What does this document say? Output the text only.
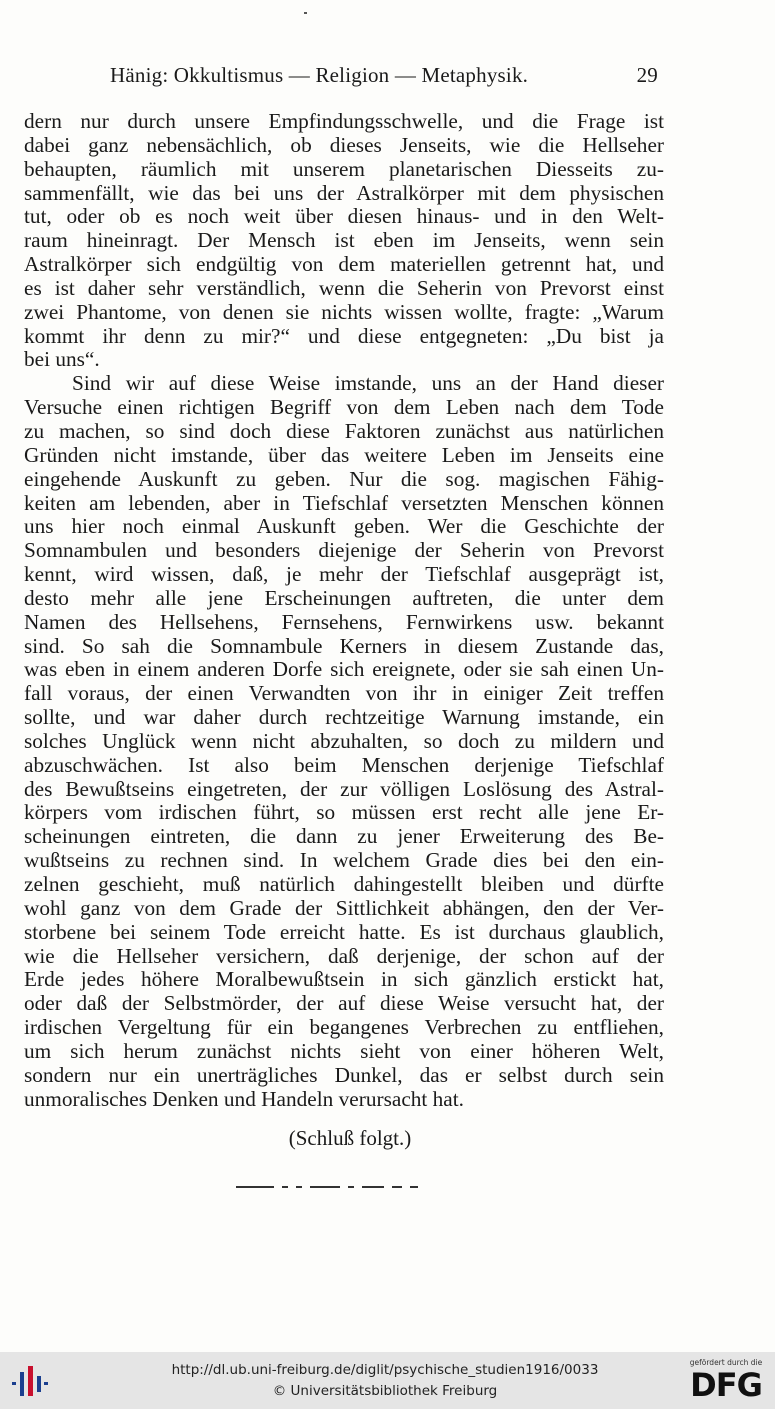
Hänig: Okkultismus — Religion — Metaphysik.	29
dern nur durch unsere Empfindungsschwelle, und die Frage ist
dabei ganz nebensächlich, ob dieses Jenseits, wie die Hellseher
behaupten, räumlich mit unserem planetarischen Diesseits zu-
sammenfällt, wie das bei uns der Astralkörper mit dem physischen
tut, oder ob es noch weit über diesen hinaus- und in den Welt-
raum hineinragt. Der Mensch ist eben im Jenseits, wenn sein
Astralkörper sich endgültig von dem materiellen getrennt hat, und
es ist daher sehr verständlich, wenn die Seherin von Prevorst einst
zwei Phantome, von denen sie nichts wissen wollte, fragte: „Warum
kommt ihr denn zu mir?“ und diese entgegneten: „Du bist ja
bei uns“.
Sind wir auf diese Weise imstande, uns an der Hand dieser
Versuche einen richtigen Begriff von dem Leben nach dem Tode
zu machen, so sind doch diese Faktoren zunächst aus natürlichen
Gründen nicht imstande, über das weitere Leben im Jenseits eine
eingehende Auskunft zu geben. Nur die sog. magischen Fähig-
keiten am lebenden, aber in Tiefschlaf versetzten Menschen können
uns hier noch einmal Auskunft geben. Wer die Geschichte der
Somnambulen und besonders diejenige der Seherin von Prevorst
kennt, wird wissen, daß, je mehr der Tiefschlaf ausgeprägt ist,
desto mehr alle jene Erscheinungen auftreten, die unter dem
Namen des Hellsehens, Fernsehens, Fernwirkens usw. bekannt
sind. So sah die Somnambule Kerners in diesem Zustande das,
was eben in einem anderen Dorfe sich ereignete, oder sie sah einen Un-
fall voraus, der einen Verwandten von ihr in einiger Zeit treffen
sollte, und war daher durch rechtzeitige Warnung imstande, ein
solches Unglück wenn nicht abzuhalten, so doch zu mildern und
abzuschwächen. Ist also beim Menschen derjenige Tiefschlaf
des Bewußtseins eingetreten, der zur völligen Loslösung des Astral-
körpers vom irdischen führt, so müssen erst recht alle jene Er-
scheinungen eintreten, die dann zu jener Erweiterung des Be-
wußtseins zu rechnen sind. In welchem Grade dies bei den ein-
zelnen geschieht, muß natürlich dahingestellt bleiben und dürfte
wohl ganz von dem Grade der Sittlichkeit abhängen, den der Ver-
storbene bei seinem Tode erreicht hatte. Es ist durchaus glaublich,
wie die Hellseher versichern, daß derjenige, der schon auf der
Erde jedes höhere Moralbewußtsein in sich gänzlich erstickt hat,
oder daß der Selbstmörder, der auf diese Weise versucht hat, der
irdischen Vergeltung für ein begangenes Verbrechen zu entfliehen,
um sich herum zunächst nichts sieht von einer höheren Welt,
sondern nur ein unerträgliches Dunkel, das er selbst durch sein
unmoralisches Denken und Handeln verursacht hat.
(Schluß folgt.)
http://dl.ub.uni-freiburg.de/diglit/psychische_studien1916/0033
© Universitätsbibliothek Freiburg
gefördert durch die
DFG
